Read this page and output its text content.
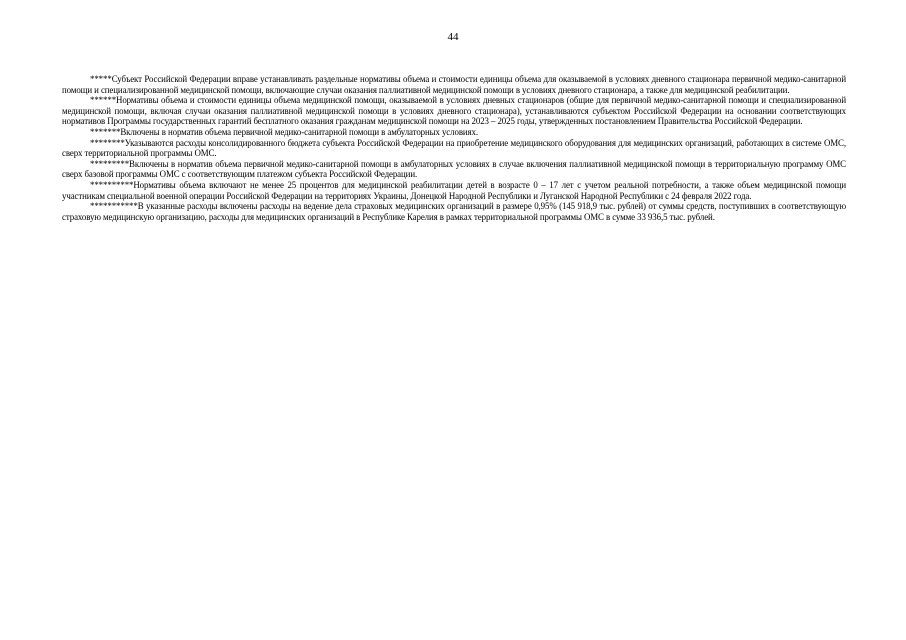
44

*****Субъект Российской Федерации вправе устанавливать раздельные нормативы объема и стоимости единицы объема для оказываемой в условиях дневного стационара первичной медико-санитарной помощи и специализированной медицинской помощи, включающие случаи оказания паллиативной медицинской помощи в условиях дневного стационара, а также для медицинской реабилитации.

******Нормативы объема и стоимости единицы объема медицинской помощи, оказываемой в условиях дневных стационаров (общие для первичной медико-санитарной помощи и специализированной медицинской помощи, включая случаи оказания паллиативной медицинской помощи в условиях дневного стационара), устанавливаются субъектом Российской Федерации на основании соответствующих нормативов Программы государственных гарантий бесплатного оказания гражданам медицинской помощи на 2023 – 2025 годы, утвержденных постановлением Правительства Российской Федерации.

*******Включены в норматив объема первичной медико-санитарной помощи в амбулаторных условиях.

********Указываются расходы консолидированного бюджета субъекта Российской Федерации на приобретение медицинского оборудования для медицинских организаций, работающих в системе ОМС, сверх территориальной программы ОМС.

*********Включены в норматив объема первичной медико-санитарной помощи в амбулаторных условиях в случае включения паллиативной медицинской помощи в территориальную программу ОМС сверх базовой программы ОМС с соответствующим платежом субъекта Российской Федерации.

**********Нормативы объема включают не менее 25 процентов для медицинской реабилитации детей в возрасте 0 – 17 лет с учетом реальной потребности, а также объем медицинской помощи участникам специальной военной операции Российской Федерации на территориях Украины, Донецкой Народной Республики и Луганской Народной Республики с 24 февраля 2022 года.

***********В указанные расходы включены расходы на ведение дела страховых медицинских организаций в размере 0,95% (145 918,9 тыс. рублей) от суммы средств, поступивших в соответствующую страховую медицинскую организацию, расходы для медицинских организаций в Республике Карелия в рамках территориальной программы ОМС в сумме 33 936,5 тыс. рублей.
